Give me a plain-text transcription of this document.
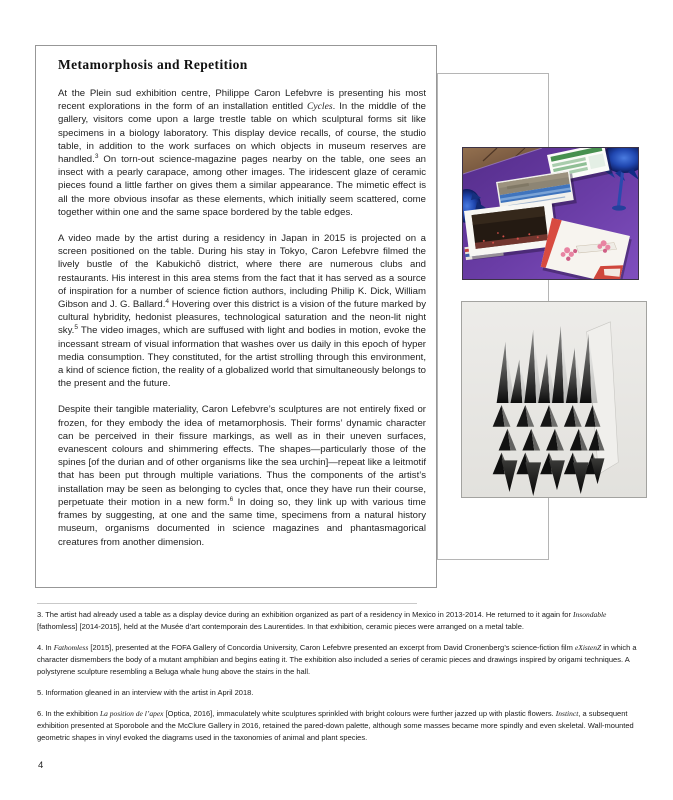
Metamorphosis and Repetition

At the Plein sud exhibition centre, Philippe Caron Lefebvre is presenting his most recent explorations in the form of an installation entitled Cycles. In the middle of the gallery, visitors come upon a large trestle table on which sculptural forms sit like specimens in a biology laboratory. This display device recalls, of course, the studio table, in addition to the work surfaces on which objects in museum reserves are handled.$^3$ On torn-out science-magazine pages nearby on the table, one sees an insect with a pearly carapace, among other images. The iridescent glaze of ceramic pieces found a little farther on gives them a similar appearance. The mimetic effect is all the more obvious insofar as these elements, which initially seem scattered, come together within one and the same space bordered by the table edges.

A video made by the artist during a residency in Japan in 2015 is projected on a screen positioned on the table. During his stay in Tokyo, Caron Lefebvre filmed the lively bustle of the Kabukichō district, where there are numerous clubs and restaurants. His interest in this area stems from the fact that it has served as a source of inspiration for a number of science fiction authors, including Philip K. Dick, William Gibson and J. G. Ballard.$^4$ Hovering over this district is a vision of the future marked by cultural hybridity, hedonist pleasures, technological saturation and the neon-lit night sky.$^5$ The video images, which are suffused with light and bodies in motion, evoke the incessant stream of visual information that washes over us daily in this epoch of hyper media consumption. They constituted, for the artist strolling through this environment, a kind of science fiction, the reality of a globalized world that simultaneously belongs to the present and the future.

Despite their tangible materiality, Caron Lefebvre’s sculptures are not entirely fixed or frozen, for they embody the idea of metamorphosis. Their forms’ dynamic character can be perceived in their fissure markings, as well as in their uneven surfaces, evanescent colours and shimmering effects. The shapes—particularly those of the spines [of the durian and of other organisms like the sea urchin]—repeat like a leitmotif that has been put through multiple variations. Thus the components of the artist’s installation may be seen as belonging to cycles that, once they have run their course, perpetuate their motion in a new form.$^6$ In doing so, they link up with various time frames by suggesting, at one and the same time, specimens from a natural history museum, organisms documented in science magazines and phantasmagorical creatures from another dimension.

3. The artist had already used a table as a display device during an exhibition organized as part of a residency in Mexico in 2013-2014. He returned to it again for Insondable [fathomless] [2014-2015], held at the Musée d’art contemporain des Laurentides. In that exhibition, ceramic pieces were arranged on a metal table.

4. In Fathomless [2015], presented at the FOFA Gallery of Concordia University, Caron Lefebvre presented an excerpt from David Cronenberg’s science-fiction film eXistenZ in which a character dismembers the body of a mutant amphibian and begins eating it. The exhibition also included a series of ceramic pieces and drawings inspired by origami techniques. A polystyrene sculpture resembling a Beluga whale hung above the stairs in the hall.

5. Information gleaned in an interview with the artist in April 2018.

6. In the exhibition La position de l’apex [Optica, 2016], immaculately white sculptures sprinkled with bright colours were further jazzed up with plastic flowers. Instinct, a subsequent exhibition presented at Sporobole and the McClure Gallery in 2016, retained the pared-down palette, although some masses became more spindly and even skeletal. Wall-mounted geometric shapes in vinyl evoked the diagrams used in the taxonomies of animal and plant species.

4
